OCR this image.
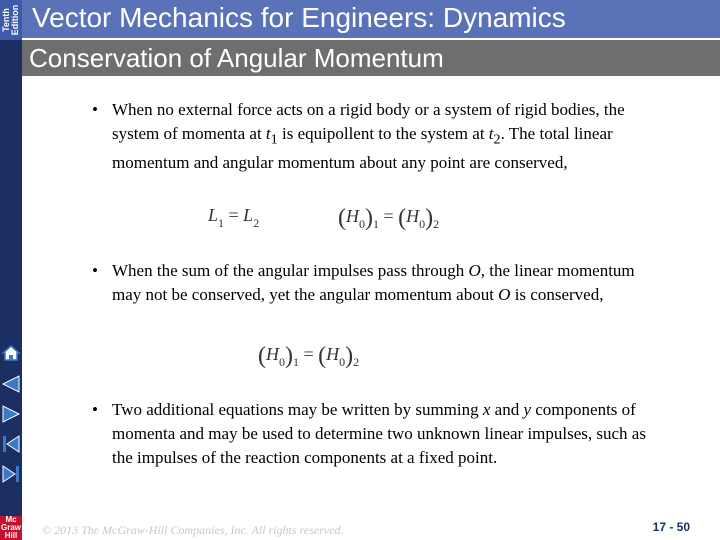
Tenth Edition Vector Mechanics for Engineers: Dynamics
Conservation of Angular Momentum
Mc
Graw
Hill
• When no external force acts on a rigid body or a system of rigid bodies, the system of momenta at $t_1$ is equipollent to the system at $t_2$. The total linear momentum and angular momentum about any point are conserved,
$L_1 = L_2$	$(H_0)_1 = (H_0)_2$
• When the sum of the angular impulses pass through O, the linear momentum may not be conserved, yet the angular momentum about O is conserved,
$(H_0)_1 = (H_0)_2$
• Two additional equations may be written by summing x and y components of momenta and may be used to determine two unknown linear impulses, such as the impulses of the reaction components at a fixed point.
© 2013 The McGraw-Hill Companies, Inc. All rights reserved.	17 - 50
